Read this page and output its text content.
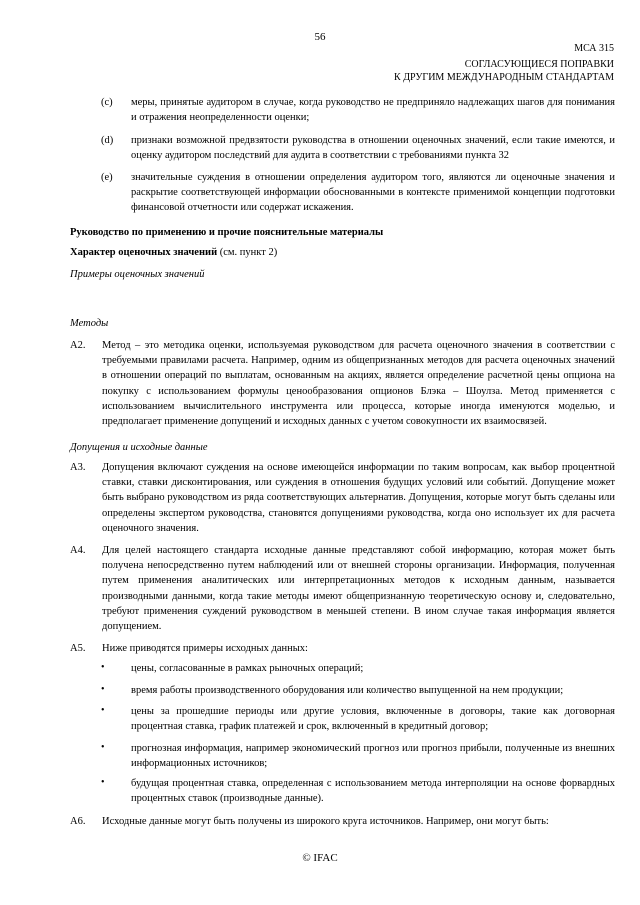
56
МСА 315
СОГЛАСУЮЩИЕСЯ ПОПРАВКИ
К ДРУГИМ МЕЖДУНАРОДНЫМ СТАНДАРТАМ
(c) меры, принятые аудитором в случае, когда руководство не предприняло надлежащих шагов для понимания и отражения неопределенности оценки;
(d) признаки возможной предвзятости руководства в отношении оценочных значений, если такие имеются, и оценку аудитором последствий для аудита в соответствии с требованиями пункта 32
(e) значительные суждения в отношении определения аудитором того, являются ли оценочные значения и раскрытие соответствующей информации обоснованными в контексте применимой концепции подготовки финансовой отчетности или содержат искажения.
Руководство по применению и прочие пояснительные материалы
Характер оценочных значений (см. пункт 2)
Примеры оценочных значений
Методы
A2. Метод – это методика оценки, используемая руководством для расчета оценочного значения в соответствии с требуемыми правилами расчета. Например, одним из общепризнанных методов для расчета оценочных значений в отношении операций по выплатам, основанным на акциях, является определение расчетной цены опциона на покупку с использованием формулы ценообразования опционов Блэка – Шоулза. Метод применяется с использованием вычислительного инструмента или процесса, которые иногда именуются моделью, и предполагает применение допущений и исходных данных с учетом совокупности их взаимосвязей.
Допущения и исходные данные
A3. Допущения включают суждения на основе имеющейся информации по таким вопросам, как выбор процентной ставки, ставки дисконтирования, или суждения в отношения будущих условий или событий. Допущение может быть выбрано руководством из ряда соответствующих альтернатив. Допущения, которые могут быть сделаны или определены экспертом руководства, становятся допущениями руководства, когда оно использует их для расчета оценочного значения.
A4. Для целей настоящего стандарта исходные данные представляют собой информацию, которая может быть получена непосредственно путем наблюдений или от внешней стороны организации. Информация, полученная путем применения аналитических или интерпретационных методов к исходным данным, называется производными данными, когда такие методы имеют общепризнанную теоретическую основу и, следовательно, требуют применения суждений руководством в меньшей степени. В ином случае такая информация является допущением.
A5. Ниже приводятся примеры исходных данных:
•	цены, согласованные в рамках рыночных операций;
•	время работы производственного оборудования или количество выпущенной на нем продукции;
•	цены за прошедшие периоды или другие условия, включенные в договоры, такие как договорная процентная ставка, график платежей и срок, включенный в кредитный договор;
•	прогнозная информация, например экономический прогноз или прогноз прибыли, полученные из внешних информационных источников;
•	будущая процентная ставка, определенная с использованием метода интерполяции на основе форвардных процентных ставок (производные данные).
A6. Исходные данные могут быть получены из широкого круга источников. Например, они могут быть:
© IFAC
